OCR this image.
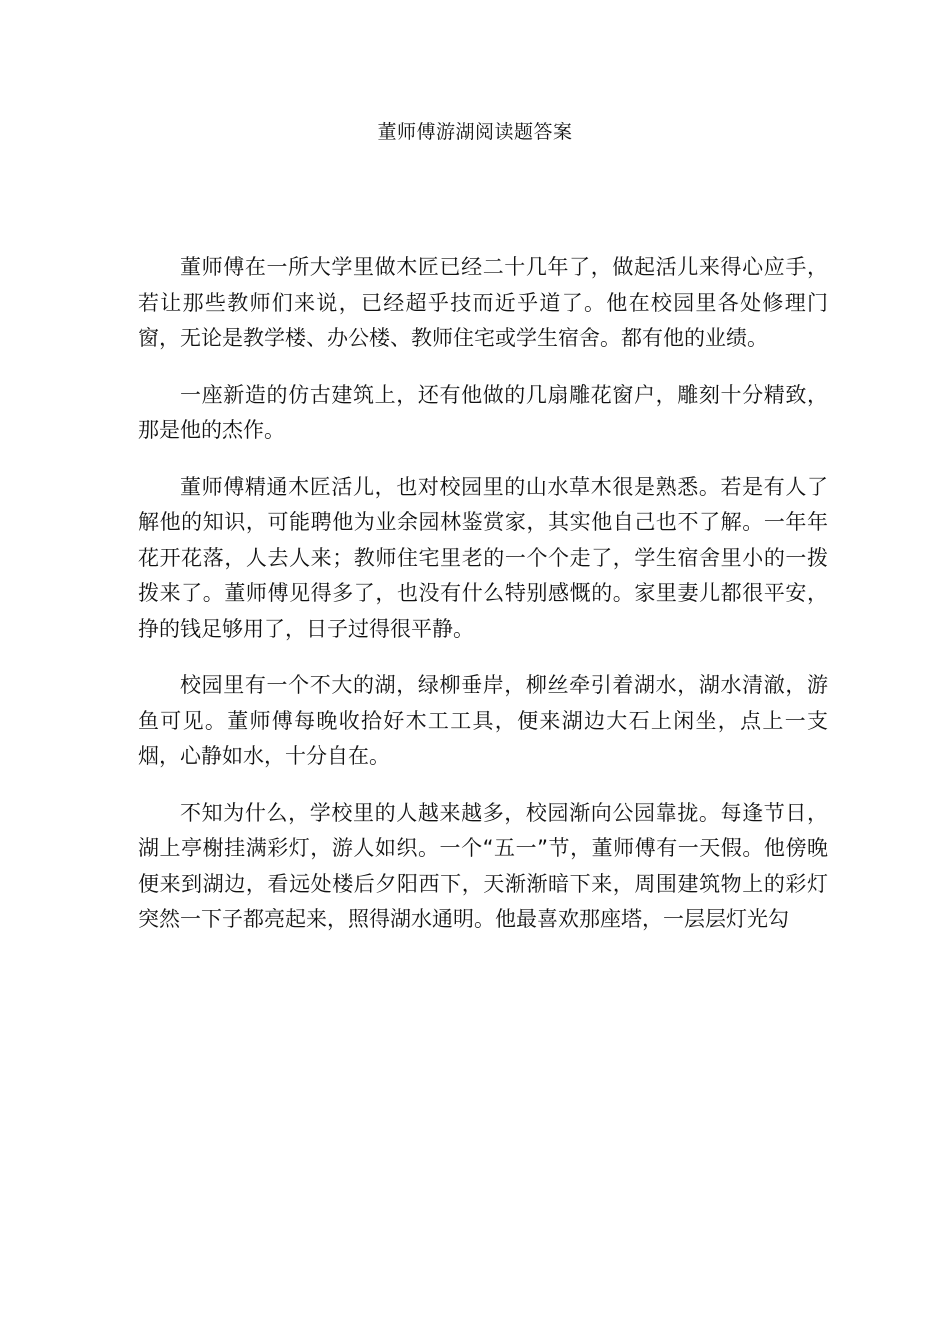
董师傅游湖阅读题答案

董师傅在一所大学里做木匠已经二十几年了，做起活儿来得心应手，若让那些教师们来说，已经超乎技而近乎道了。他在校园里各处修理门窗，无论是教学楼、办公楼、教师住宅或学生宿舍。都有他的业绩。

一座新造的仿古建筑上，还有他做的几扇雕花窗户，雕刻十分精致，那是他的杰作。

董师傅精通木匠活儿，也对校园里的山水草木很是熟悉。若是有人了解他的知识，可能聘他为业余园林鉴赏家，其实他自己也不了解。一年年花开花落，人去人来；教师住宅里老的一个个走了，学生宿舍里小的一拨拨来了。董师傅见得多了，也没有什么特别感慨的。家里妻儿都很平安，挣的钱足够用了，日子过得很平静。

校园里有一个不大的湖，绿柳垂岸，柳丝牵引着湖水，湖水清澈，游鱼可见。董师傅每晚收拾好木工工具，便来湖边大石上闲坐，点上一支烟，心静如水，十分自在。

不知为什么，学校里的人越来越多，校园渐向公园靠拢。每逢节日，湖上亭榭挂满彩灯，游人如织。一个“五一”节，董师傅有一天假。他傍晚便来到湖边，看远处楼后夕阳西下，天渐渐暗下来，周围建筑物上的彩灯突然一下子都亮起来，照得湖水通明。他最喜欢那座塔，一层层灯光勾
